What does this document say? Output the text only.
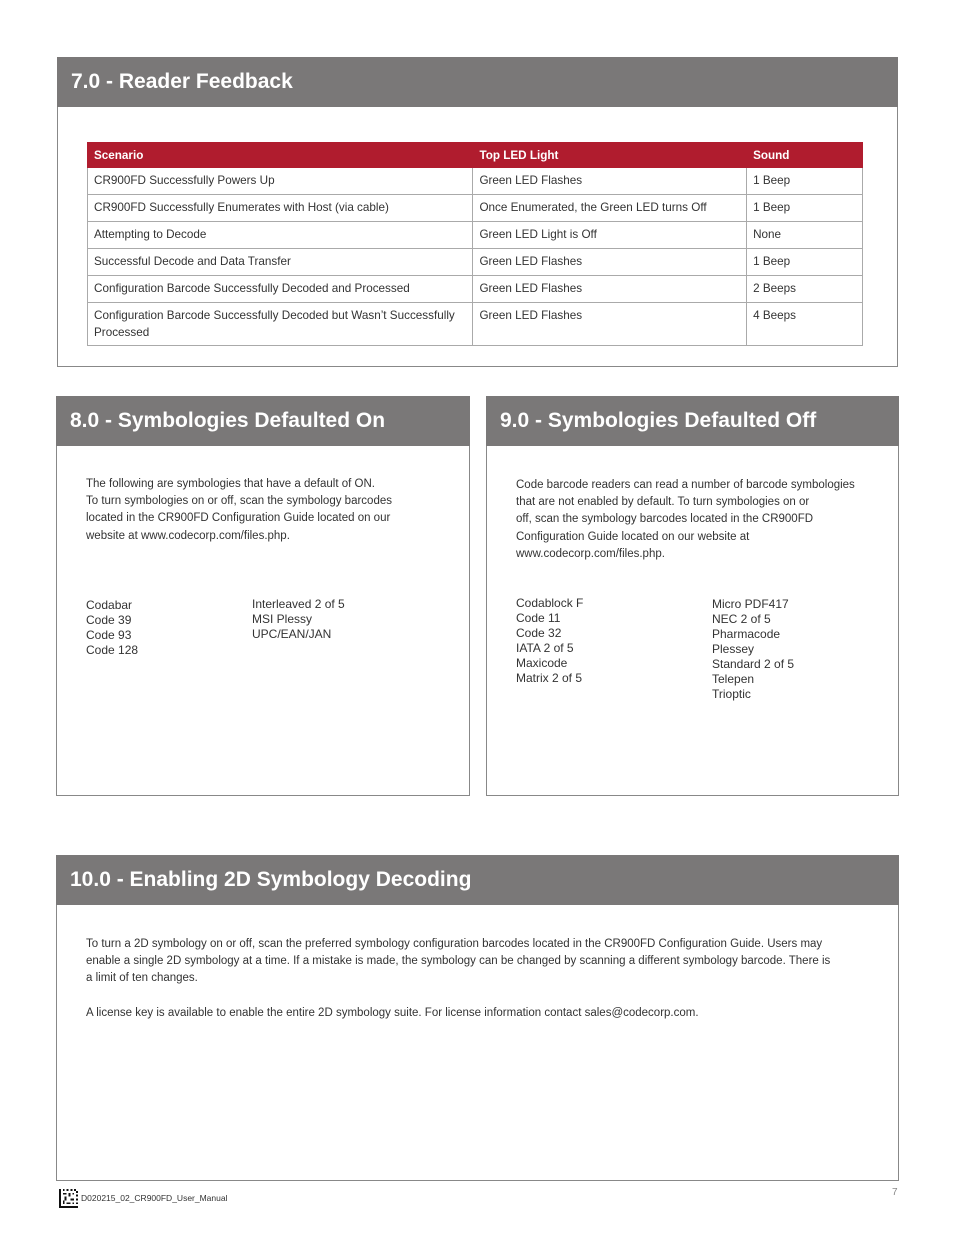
7.0 - Reader Feedback
Scenario	Top LED Light	Sound
CR900FD Successfully Powers Up	Green LED Flashes	1 Beep
CR900FD Successfully Enumerates with Host (via cable)	Once Enumerated, the Green LED turns Off	1 Beep
Attempting to Decode	Green LED Light is Off	None
Successful Decode and Data Transfer	Green LED Flashes	1 Beep
Configuration Barcode Successfully Decoded and Processed	Green LED Flashes	2 Beeps
Configuration Barcode Successfully Decoded but Wasn’t Successfully Processed	Green LED Flashes	4 Beeps
8.0 - Symbologies Defaulted On

The following are symbologies that have a default of ON.

To turn symbologies on or off, scan the symbology barcodes

located in the CR900FD Configuration Guide located on our

website at www.codecorp.com/files.php.

Codabar
Code 39
Code 93
Code 128
Interleaved 2 of 5
MSI Plessy
UPC/EAN/JAN
9.0 - Symbologies Defaulted Off

Code barcode readers can read a number of barcode symbologies

that are not enabled by default. To turn symbologies on or

off, scan the symbology barcodes located in the CR900FD

Configuration Guide located on our website at

www.codecorp.com/files.php.

Codablock F
Code 11
Code 32
IATA 2 of 5
Maxicode
Matrix 2 of 5
Micro PDF417
NEC 2 of 5
Pharmacode
Plessey
Standard 2 of 5
Telepen
Trioptic
10.0 - Enabling 2D Symbology Decoding

To turn a 2D symbology on or off, scan the preferred symbology configuration barcodes located in the CR900FD Configuration Guide. Users may

enable a single 2D symbology at a time. If a mistake is made, the symbology can be changed by scanning a different symbology barcode. There is

a limit of ten changes.

A license key is available to enable the entire 2D symbology suite. For license information contact sales@codecorp.com.

D020215_02_CR900FD_User_Manual	7
